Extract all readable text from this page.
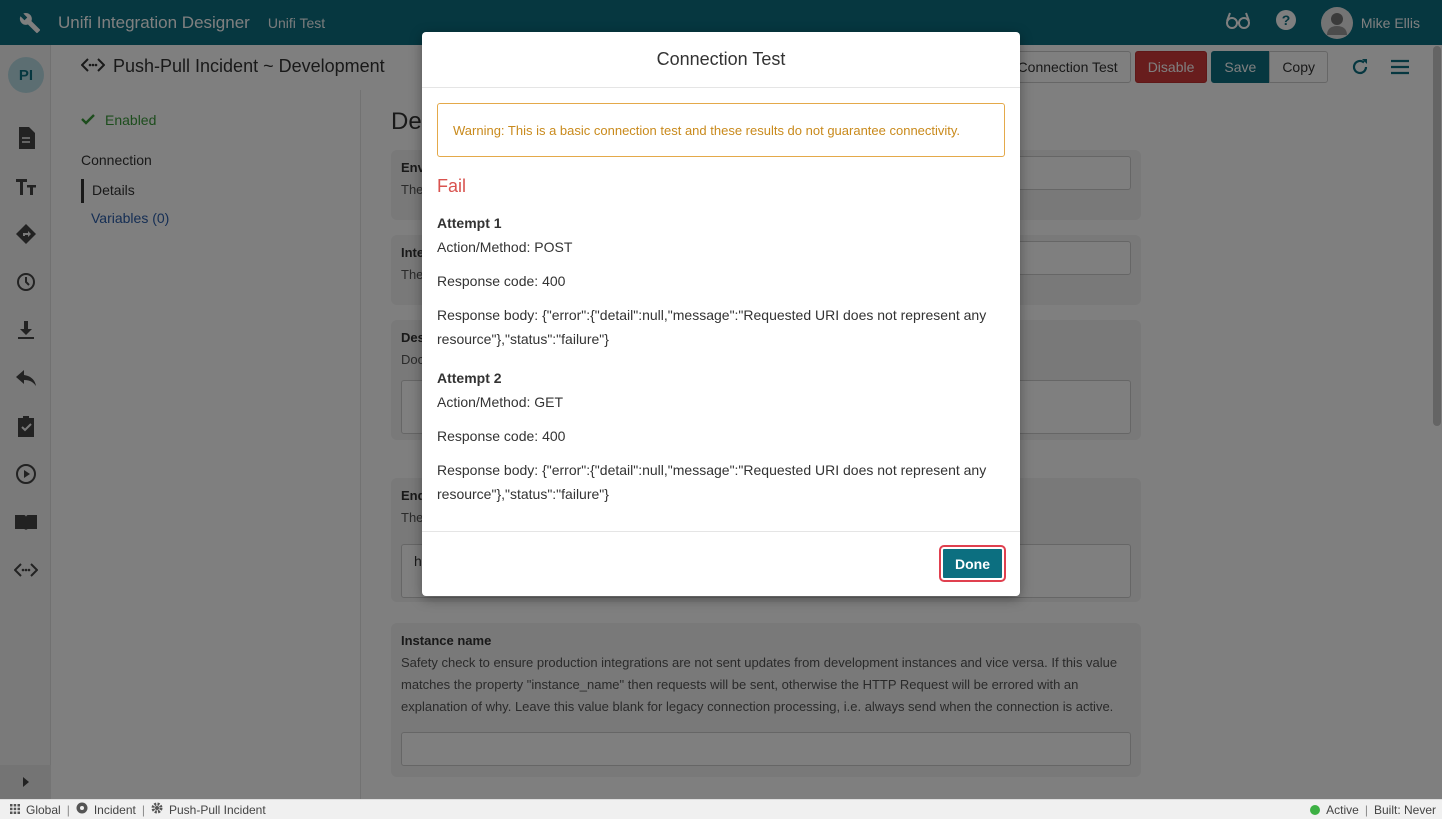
Connection Test
Warning: This is a basic connection test and these results do not guarantee connectivity.
Fail
Attempt 1
Action/Method: POST
Response code: 400
Response body: {"error":{"detail":null,"message":"Requested URI does not represent any resource"},"status":"failure"}
Attempt 2
Action/Method: GET
Response code: 400
Response body: {"error":{"detail":null,"message":"Requested URI does not represent any resource"},"status":"failure"}
Done
Global | Incident | Push-Pull Incident	Active | Built: Never
